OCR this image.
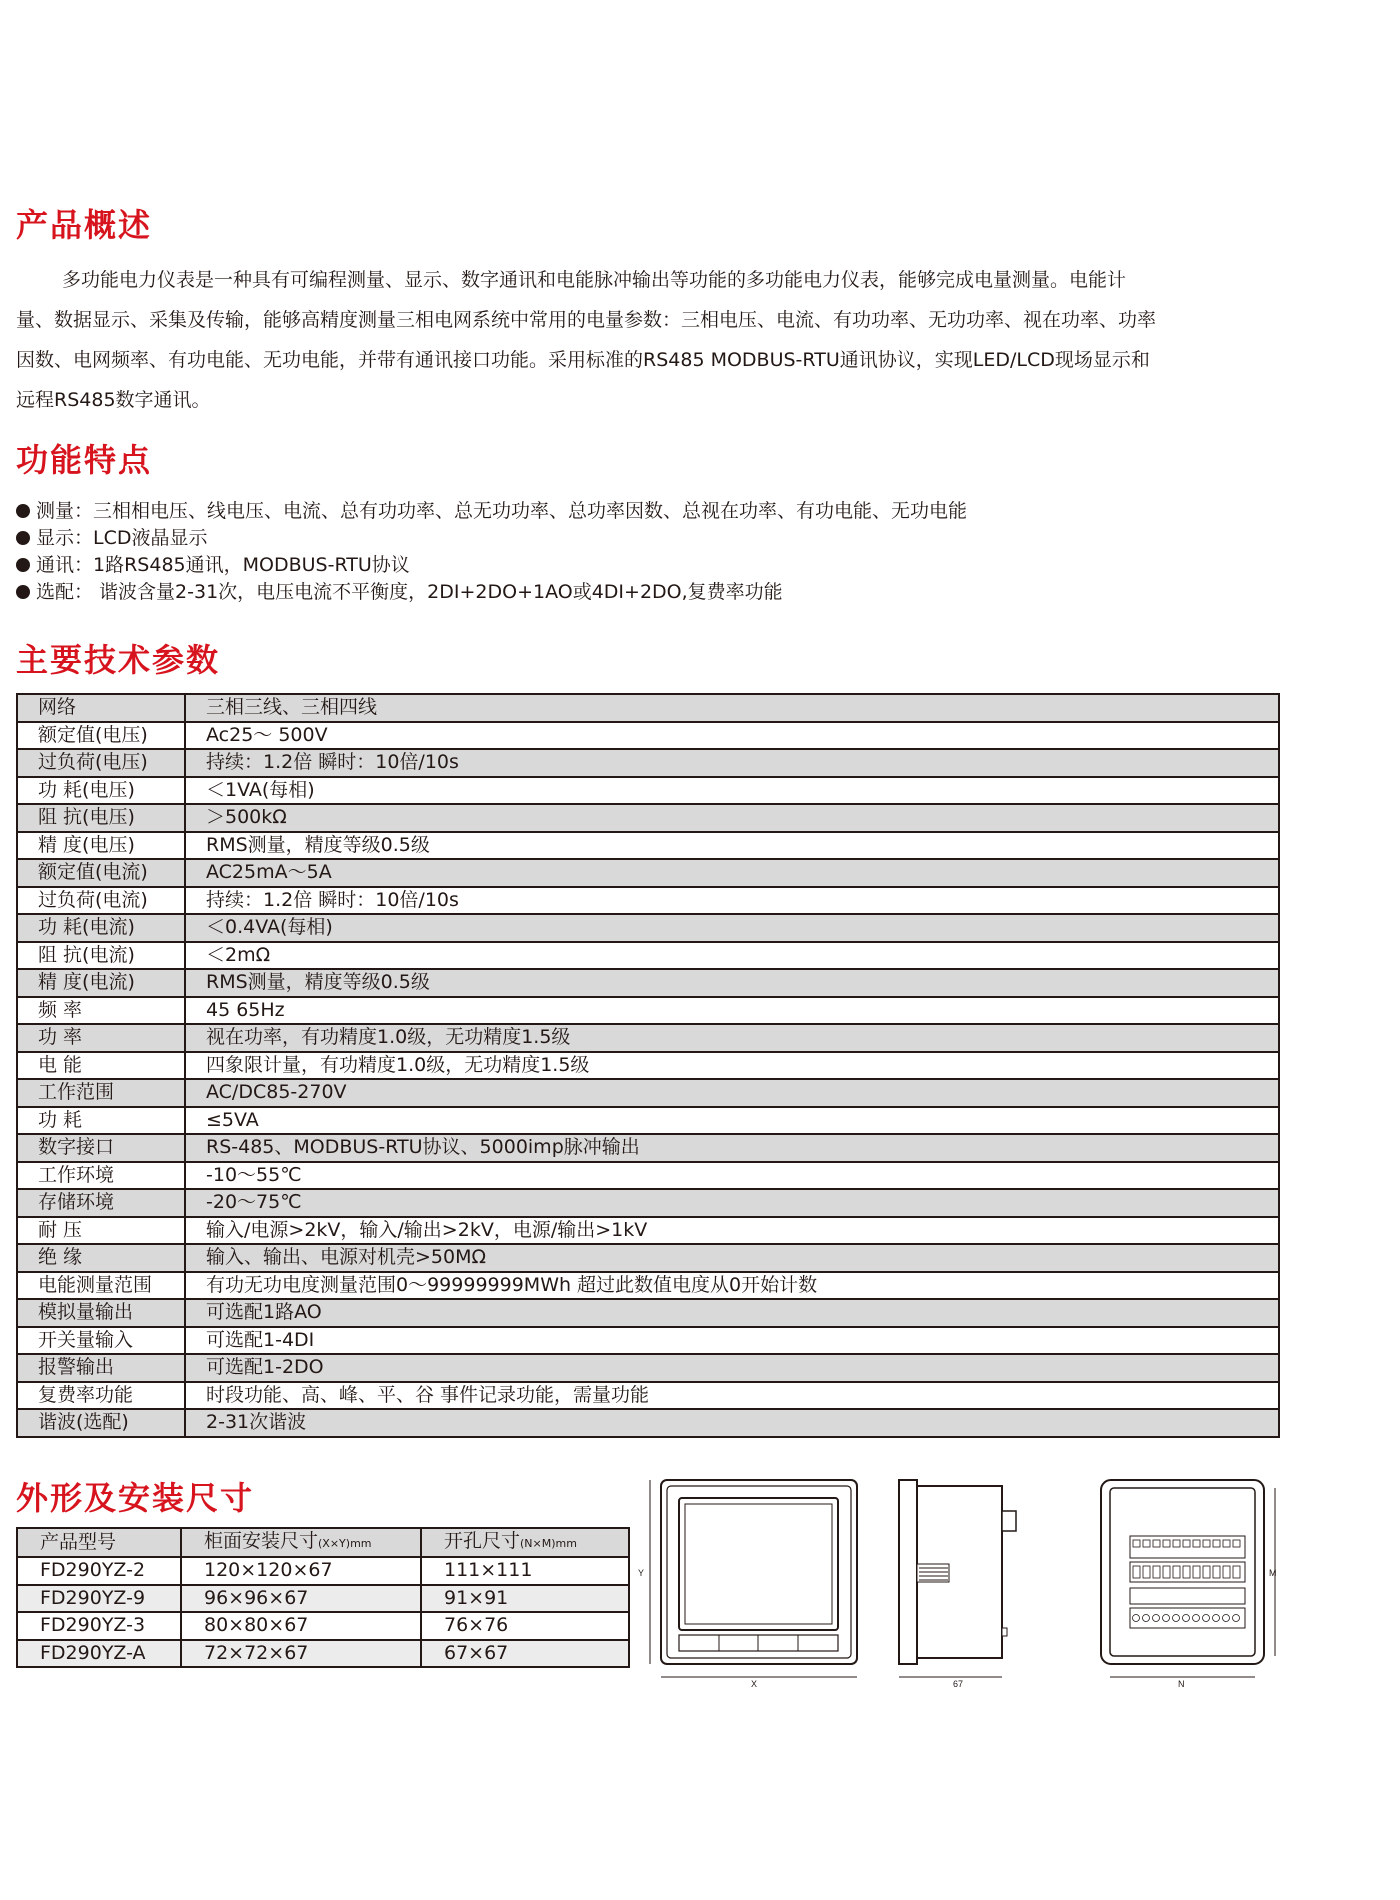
产品概述
多功能电力仪表是一种具有可编程测量、显示、数字通讯和电能脉冲输出等功能的多功能电力仪表，能够完成电量测量。电能计
量、数据显示、采集及传输，能够高精度测量三相电网系统中常用的电量参数：三相电压、电流、有功功率、无功功率、视在功率、功率
因数、电网频率、有功电能、无功电能，并带有通讯接口功能。采用标准的RS485 MODBUS-RTU通讯协议，实现LED/LCD现场显示和
远程RS485数字通讯。
功能特点
测量：三相相电压、线电压、电流、总有功功率、总无功功率、总功率因数、总视在功率、有功电能、无功电能
显示：LCD液晶显示
通讯：1路RS485通讯，MODBUS-RTU协议
选配： 谐波含量2-31次，电压电流不平衡度，2DI+2DO+1AO或4DI+2DO,复费率功能
主要技术参数
网络	三相三线、三相四线
额定值(电压)	Ac25～ 500V
过负荷(电压)	持续：1.2倍 瞬时：10倍/10s
功 耗(电压)	＜1VA(每相)
阻 抗(电压)	＞500kΩ
精 度(电压)	RMS测量，精度等级0.5级
额定值(电流)	AC25mA～5A
过负荷(电流)	持续：1.2倍 瞬时：10倍/10s
功 耗(电流)	＜0.4VA(每相)
阻 抗(电流)	＜2mΩ
精 度(电流)	RMS测量，精度等级0.5级
频 率	45 65Hz
功 率	视在功率，有功精度1.0级，无功精度1.5级
电 能	四象限计量，有功精度1.0级，无功精度1.5级
工作范围	AC/DC85-270V
功 耗	≤5VA
数字接口	RS-485、MODBUS-RTU协议、5000imp脉冲输出
工作环境	-10～55℃
存储环境	-20～75℃
耐 压	输入/电源>2kV，输入/输出>2kV，电源/输出>1kV
绝 缘	输入、输出、电源对机壳>50MΩ
电能测量范围	有功无功电度测量范围0～99999999MWh 超过此数值电度从0开始计数
模拟量输出	可选配1路AO
开关量输入	可选配1-4DI
报警输出	可选配1-2DO
复费率功能	时段功能、高、峰、平、谷 事件记录功能，需量功能
谐波(选配)	2-31次谐波
外形及安装尺寸
产品型号	柜面安装尺寸(X×Y)mm	开孔尺寸(N×M)mm
FD290YZ-2	120×120×67	111×111
FD290YZ-9	96×96×67	91×91
FD290YZ-3	80×80×67	76×76
FD290YZ-A	72×72×67	67×67
X
Y
67	N
M
